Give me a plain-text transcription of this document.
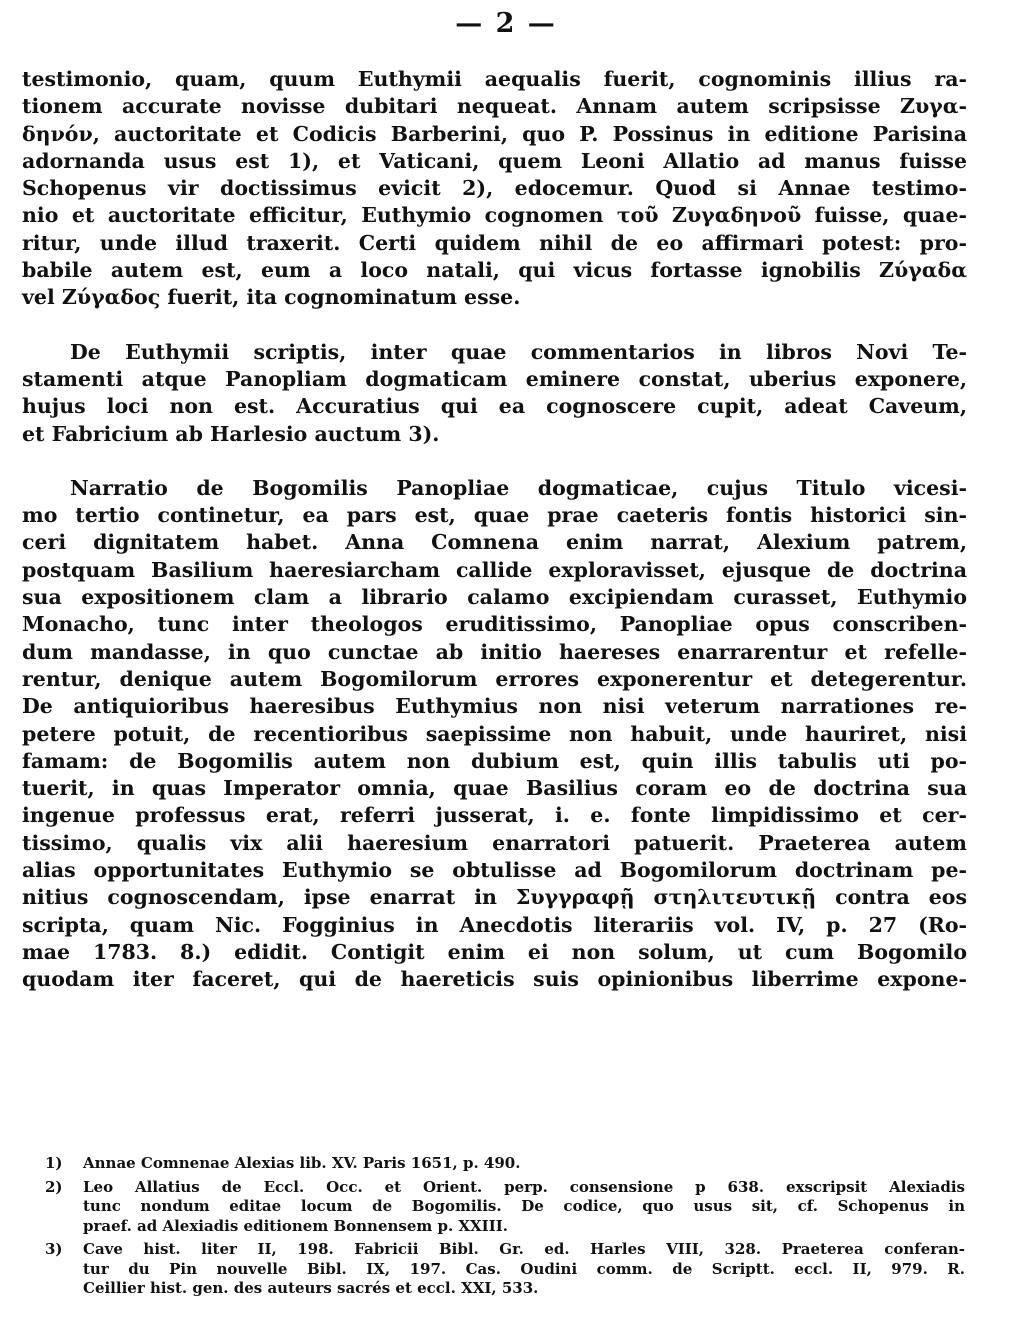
— 2 —
testimonio, quam, quum Euthymii aequalis fuerit, cognominis illius ra-
tionem accurate novisse dubitari nequeat. Annam autem scripsisse Ζυγα-
δηνόν, auctoritate et Codicis Barberini, quo P. Possinus in editione Parisina
adornanda usus est 1), et Vaticani, quem Leoni Allatio ad manus fuisse
Schopenus vir doctissimus evicit 2), edocemur. Quod si Annae testimo-
nio et auctoritate efficitur, Euthymio cognomen τοῦ Ζυγαδηνοῦ fuisse, quae-
ritur, unde illud traxerit. Certi quidem nihil de eo affirmari potest: pro-
babile autem est, eum a loco natali, qui vicus fortasse ignobilis Ζύγαδα
vel Ζύγαδος fuerit, ita cognominatum esse.
De Euthymii scriptis, inter quae commentarios in libros Novi Te-
stamenti atque Panopliam dogmaticam eminere constat, uberius exponere,
hujus loci non est. Accuratius qui ea cognoscere cupit, adeat Caveum,
et Fabricium ab Harlesio auctum 3).
Narratio de Bogomilis Panopliae dogmaticae, cujus Titulo vicesi-
mo tertio continetur, ea pars est, quae prae caeteris fontis historici sin-
ceri dignitatem habet. Anna Comnena enim narrat, Alexium patrem,
postquam Basilium haeresiarcham callide exploravisset, ejusque de doctrina
sua expositionem clam a librario calamo excipiendam curasset, Euthymio
Monacho, tunc inter theologos eruditissimo, Panopliae opus conscriben-
dum mandasse, in quo cunctae ab initio haereses enarrarentur et refelle-
rentur, denique autem Bogomilorum errores exponerentur et detegerentur.
De antiquioribus haeresibus Euthymius non nisi veterum narrationes re-
petere potuit, de recentioribus saepissime non habuit, unde hauriret, nisi
famam: de Bogomilis autem non dubium est, quin illis tabulis uti po-
tuerit, in quas Imperator omnia, quae Basilius coram eo de doctrina sua
ingenue professus erat, referri jusserat, i. e. fonte limpidissimo et cer-
tissimo, qualis vix alii haeresium enarratori patuerit. Praeterea autem
alias opportunitates Euthymio se obtulisse ad Bogomilorum doctrinam pe-
nitius cognoscendam, ipse enarrat in Συγγραφῇ στηλιτευτικῇ contra eos
scripta, quam Nic. Fogginius in Anecdotis literariis vol. IV, p. 27 (Ro-
mae 1783. 8.) edidit. Contigit enim ei non solum, ut cum Bogomilo
quodam iter faceret, qui de haereticis suis opinionibus liberrime expone-
1)	Annae Comnenae Alexias lib. XV. Paris 1651, p. 490.
2)	Leo Allatius de Eccl. Occ. et Orient. perp. consensione p 638. exscripsit Alexiadis
tunc nondum editae locum de Bogomilis. De codice, quo usus sit, cf. Schopenus in
praef. ad Alexiadis editionem Bonnensem p. XXIII.
3)	Cave hist. liter II, 198. Fabricii Bibl. Gr. ed. Harles VIII, 328. Praeterea conferan-
tur du Pin nouvelle Bibl. IX, 197. Cas. Oudini comm. de Scriptt. eccl. II, 979. R.
Ceillier hist. gen. des auteurs sacrés et eccl. XXI, 533.
